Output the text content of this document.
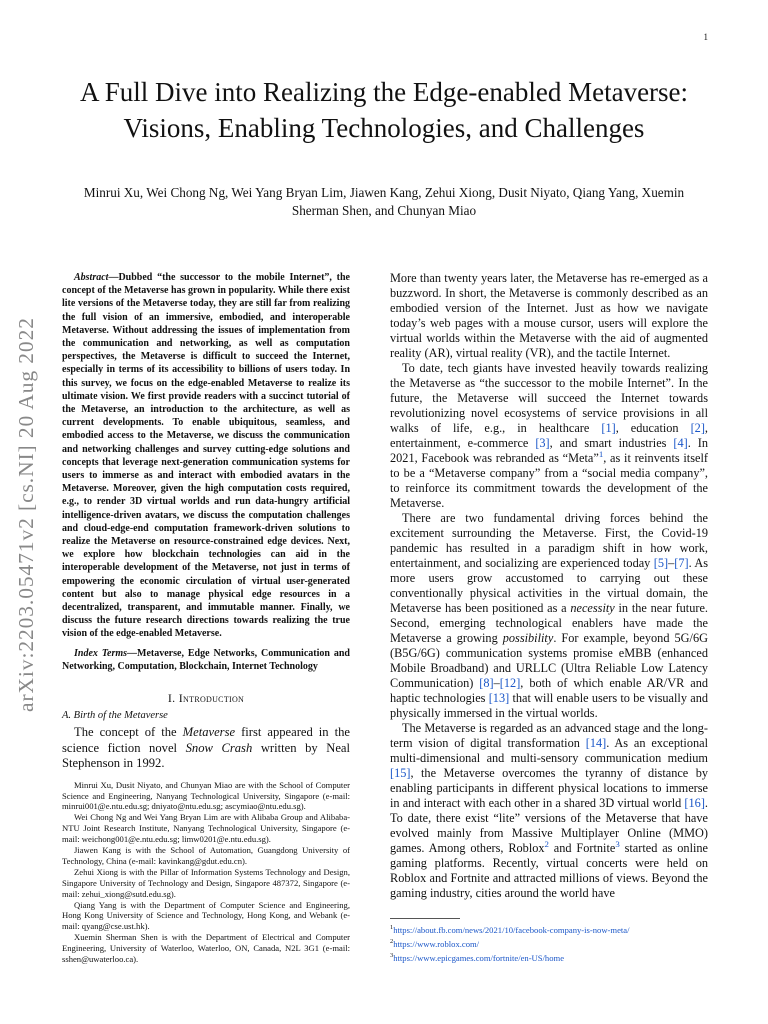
1
arXiv:2203.05471v2 [cs.NI] 20 Aug 2022
A Full Dive into Realizing the Edge-enabled Metaverse: Visions, Enabling Technologies, and Challenges
Minrui Xu, Wei Chong Ng, Wei Yang Bryan Lim, Jiawen Kang, Zehui Xiong, Dusit Niyato, Qiang Yang, Xuemin Sherman Shen, and Chunyan Miao

Abstract—Dubbed “the successor to the mobile Internet”, the concept of the Metaverse has grown in popularity. While there exist lite versions of the Metaverse today, they are still far from realizing the full vision of an immersive, embodied, and interoperable Metaverse. Without addressing the issues of implementation from the communication and networking, as well as computation perspectives, the Metaverse is difficult to succeed the Internet, especially in terms of its accessibility to billions of users today. In this survey, we focus on the edge-enabled Metaverse to realize its ultimate vision. We first provide readers with a succinct tutorial of the Metaverse, an introduction to the architecture, as well as current developments. To enable ubiquitous, seamless, and embodied access to the Metaverse, we discuss the communication and networking challenges and survey cutting-edge solutions and concepts that leverage next-generation communication systems for users to immerse as and interact with embodied avatars in the Metaverse. Moreover, given the high computation costs required, e.g., to render 3D virtual worlds and run data-hungry artificial intelligence-driven avatars, we discuss the computation challenges and cloud-edge-end computation framework-driven solutions to realize the Metaverse on resource-constrained edge devices. Next, we explore how blockchain technologies can aid in the interoperable development of the Metaverse, not just in terms of empowering the economic circulation of virtual user-generated content but also to manage physical edge resources in a decentralized, transparent, and immutable manner. Finally, we discuss the future research directions towards realizing the true vision of the edge-enabled Metaverse.

Index Terms—Metaverse, Edge Networks, Communication and Networking, Computation, Blockchain, Internet Technology
I. Introduction
A. Birth of the Metaverse

The concept of the Metaverse first appeared in the science fiction novel Snow Crash written by Neal Stephenson in 1992.

Minrui Xu, Dusit Niyato, and Chunyan Miao are with the School of Computer Science and Engineering, Nanyang Technological University, Singapore (e-mail: minrui001@e.ntu.edu.sg; dniyato@ntu.edu.sg; ascymiao@ntu.edu.sg).

Wei Chong Ng and Wei Yang Bryan Lim are with Alibaba Group and Alibaba-NTU Joint Research Institute, Nanyang Technological University, Singapore (e-mail: weichong001@e.ntu.edu.sg; limw0201@e.ntu.edu.sg).

Jiawen Kang is with the School of Automation, Guangdong University of Technology, China (e-mail: kavinkang@gdut.edu.cn).

Zehui Xiong is with the Pillar of Information Systems Technology and Design, Singapore University of Technology and Design, Singapore 487372, Singapore (e-mail: zehui_xiong@sutd.edu.sg).

Qiang Yang is with the Department of Computer Science and Engineering, Hong Kong University of Science and Technology, Hong Kong, and Webank (e-mail: qyang@cse.ust.hk).

Xuemin Sherman Shen is with the Department of Electrical and Computer Engineering, University of Waterloo, Waterloo, ON, Canada, N2L 3G1 (e-mail: sshen@uwaterloo.ca).

More than twenty years later, the Metaverse has re-emerged as a buzzword. In short, the Metaverse is commonly described as an embodied version of the Internet. Just as how we navigate today’s web pages with a mouse cursor, users will explore the virtual worlds within the Metaverse with the aid of augmented reality (AR), virtual reality (VR), and the tactile Internet.

To date, tech giants have invested heavily towards realizing the Metaverse as “the successor to the mobile Internet”. In the future, the Metaverse will succeed the Internet towards revolutionizing novel ecosystems of service provisions in all walks of life, e.g., in healthcare [1], education [2], entertainment, e-commerce [3], and smart industries [4]. In 2021, Facebook was rebranded as “Meta”$^1$, as it reinvents itself to be a “Metaverse company” from a “social media company”, to reinforce its commitment towards the development of the Metaverse.

There are two fundamental driving forces behind the excitement surrounding the Metaverse. First, the Covid-19 pandemic has resulted in a paradigm shift in how work, entertainment, and socializing are experienced today [5]–[7]. As more users grow accustomed to carrying out these conventionally physical activities in the virtual domain, the Metaverse has been positioned as a necessity in the near future. Second, emerging technological enablers have made the Metaverse a growing possibility. For example, beyond 5G/6G (B5G/6G) communication systems promise eMBB (enhanced Mobile Broadband) and URLLC (Ultra Reliable Low Latency Communication) [8]–[12], both of which enable AR/VR and haptic technologies [13] that will enable users to be visually and physically immersed in the virtual worlds.

The Metaverse is regarded as an advanced stage and the long-term vision of digital transformation [14]. As an exceptional multi-dimensional and multi-sensory communication medium [15], the Metaverse overcomes the tyranny of distance by enabling participants in different physical locations to immerse in and interact with each other in a shared 3D virtual world [16]. To date, there exist “lite” versions of the Metaverse that have evolved mainly from Massive Multiplayer Online (MMO) games. Among others, Roblox$^2$ and Fortnite$^3$ started as online gaming platforms. Recently, virtual concerts were held on Roblox and Fortnite and attracted millions of views. Beyond the gaming industry, cities around the world have

$^1$https://about.fb.com/news/2021/10/facebook-company-is-now-meta/
$^2$https://www.roblox.com/
$^3$https://www.epicgames.com/fortnite/en-US/home
